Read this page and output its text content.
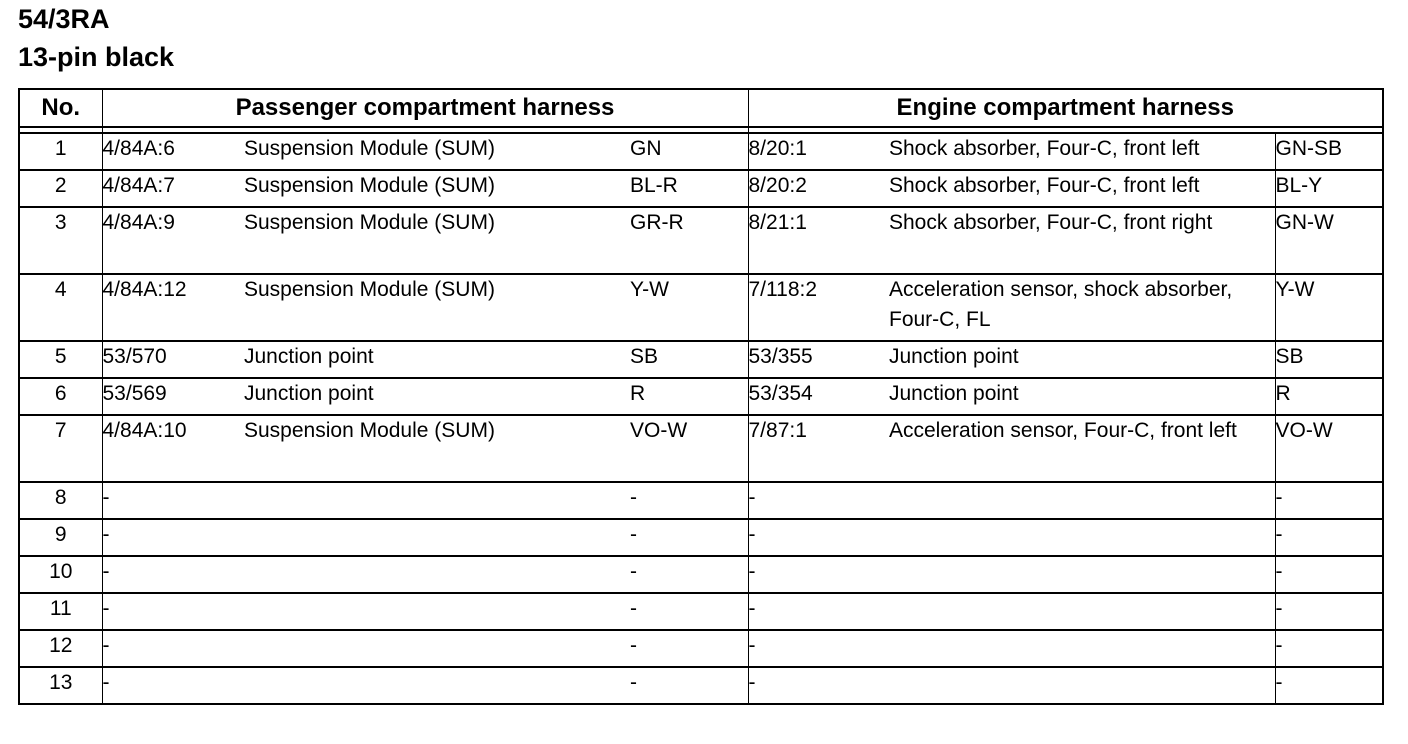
54/3RA
13-pin black
No.	Passenger compartment harness			Engine compartment harness		

1	4/84A:6	Suspension Module (SUM)	GN	8/20:1	Shock absorber, Four-C, front left	GN-SB
2	4/84A:7	Suspension Module (SUM)	BL-R	8/20:2	Shock absorber, Four-C, front left	BL-Y
3	4/84A:9	Suspension Module (SUM)	GR-R	8/21:1	Shock absorber, Four-C, front right	GN-W
4	4/84A:12	Suspension Module (SUM)	Y-W	7/118:2	Acceleration sensor, shock absorber, Four-C, FL	Y-W
5	53/570	Junction point	SB	53/355	Junction point	SB
6	53/569	Junction point	R	53/354	Junction point	R
7	4/84A:10	Suspension Module (SUM)	VO-W	7/87:1	Acceleration sensor, Four-C, front left	VO-W
8	-		-	-		-
9	-		-	-		-
10	-		-	-		-
11	-		-	-		-
12	-		-	-		-
13	-		-	-		-
